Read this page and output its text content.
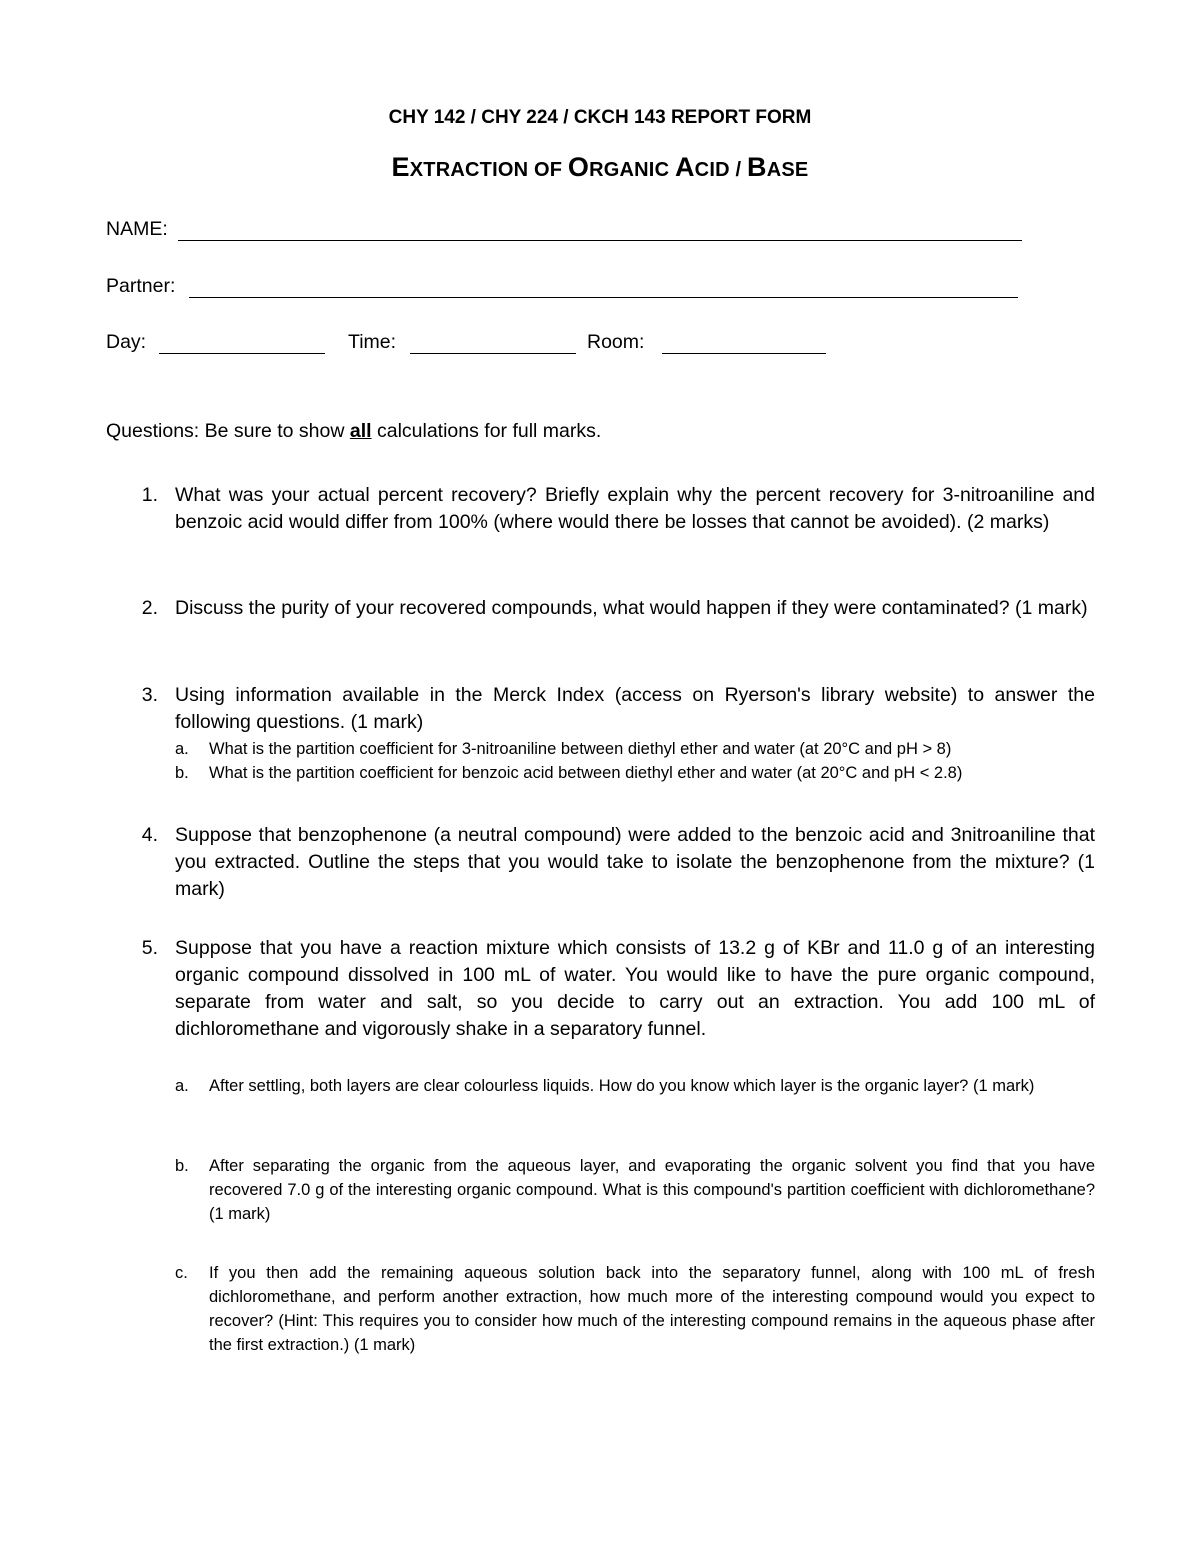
CHY 142 / CHY 224 / CKCH 143 REPORT FORM
EXTRACTION OF ORGANIC ACID / BASE
NAME:
Partner:
Day:	Time:	Room:
Questions: Be sure to show all calculations for full marks.
1. What was your actual percent recovery? Briefly explain why the percent recovery for 3-nitroaniline and benzoic acid would differ from 100% (where would there be losses that cannot be avoided). (2 marks)
2. Discuss the purity of your recovered compounds, what would happen if they were contaminated? (1 mark)
3. Using information available in the Merck Index (access on Ryerson's library website) to answer the following questions. (1 mark)
a.	What is the partition coefficient for 3-nitroaniline between diethyl ether and water (at 20°C and pH > 8)
b.	What is the partition coefficient for benzoic acid between diethyl ether and water (at 20°C and pH < 2.8)
4. Suppose that benzophenone (a neutral compound) were added to the benzoic acid and 3nitroaniline that you extracted. Outline the steps that you would take to isolate the benzophenone from the mixture? (1 mark)
5. Suppose that you have a reaction mixture which consists of 13.2 g of KBr and 11.0 g of an interesting organic compound dissolved in 100 mL of water. You would like to have the pure organic compound, separate from water and salt, so you decide to carry out an extraction. You add 100 mL of dichloromethane and vigorously shake in a separatory funnel.
a.	After settling, both layers are clear colourless liquids. How do you know which layer is the organic layer? (1 mark)
b.	After separating the organic from the aqueous layer, and evaporating the organic solvent you find that you have recovered 7.0 g of the interesting organic compound. What is this compound's partition coefficient with dichloromethane? (1 mark)
c.	If you then add the remaining aqueous solution back into the separatory funnel, along with 100 mL of fresh dichloromethane, and perform another extraction, how much more of the interesting compound would you expect to recover? (Hint: This requires you to consider how much of the interesting compound remains in the aqueous phase after the first extraction.) (1 mark)
